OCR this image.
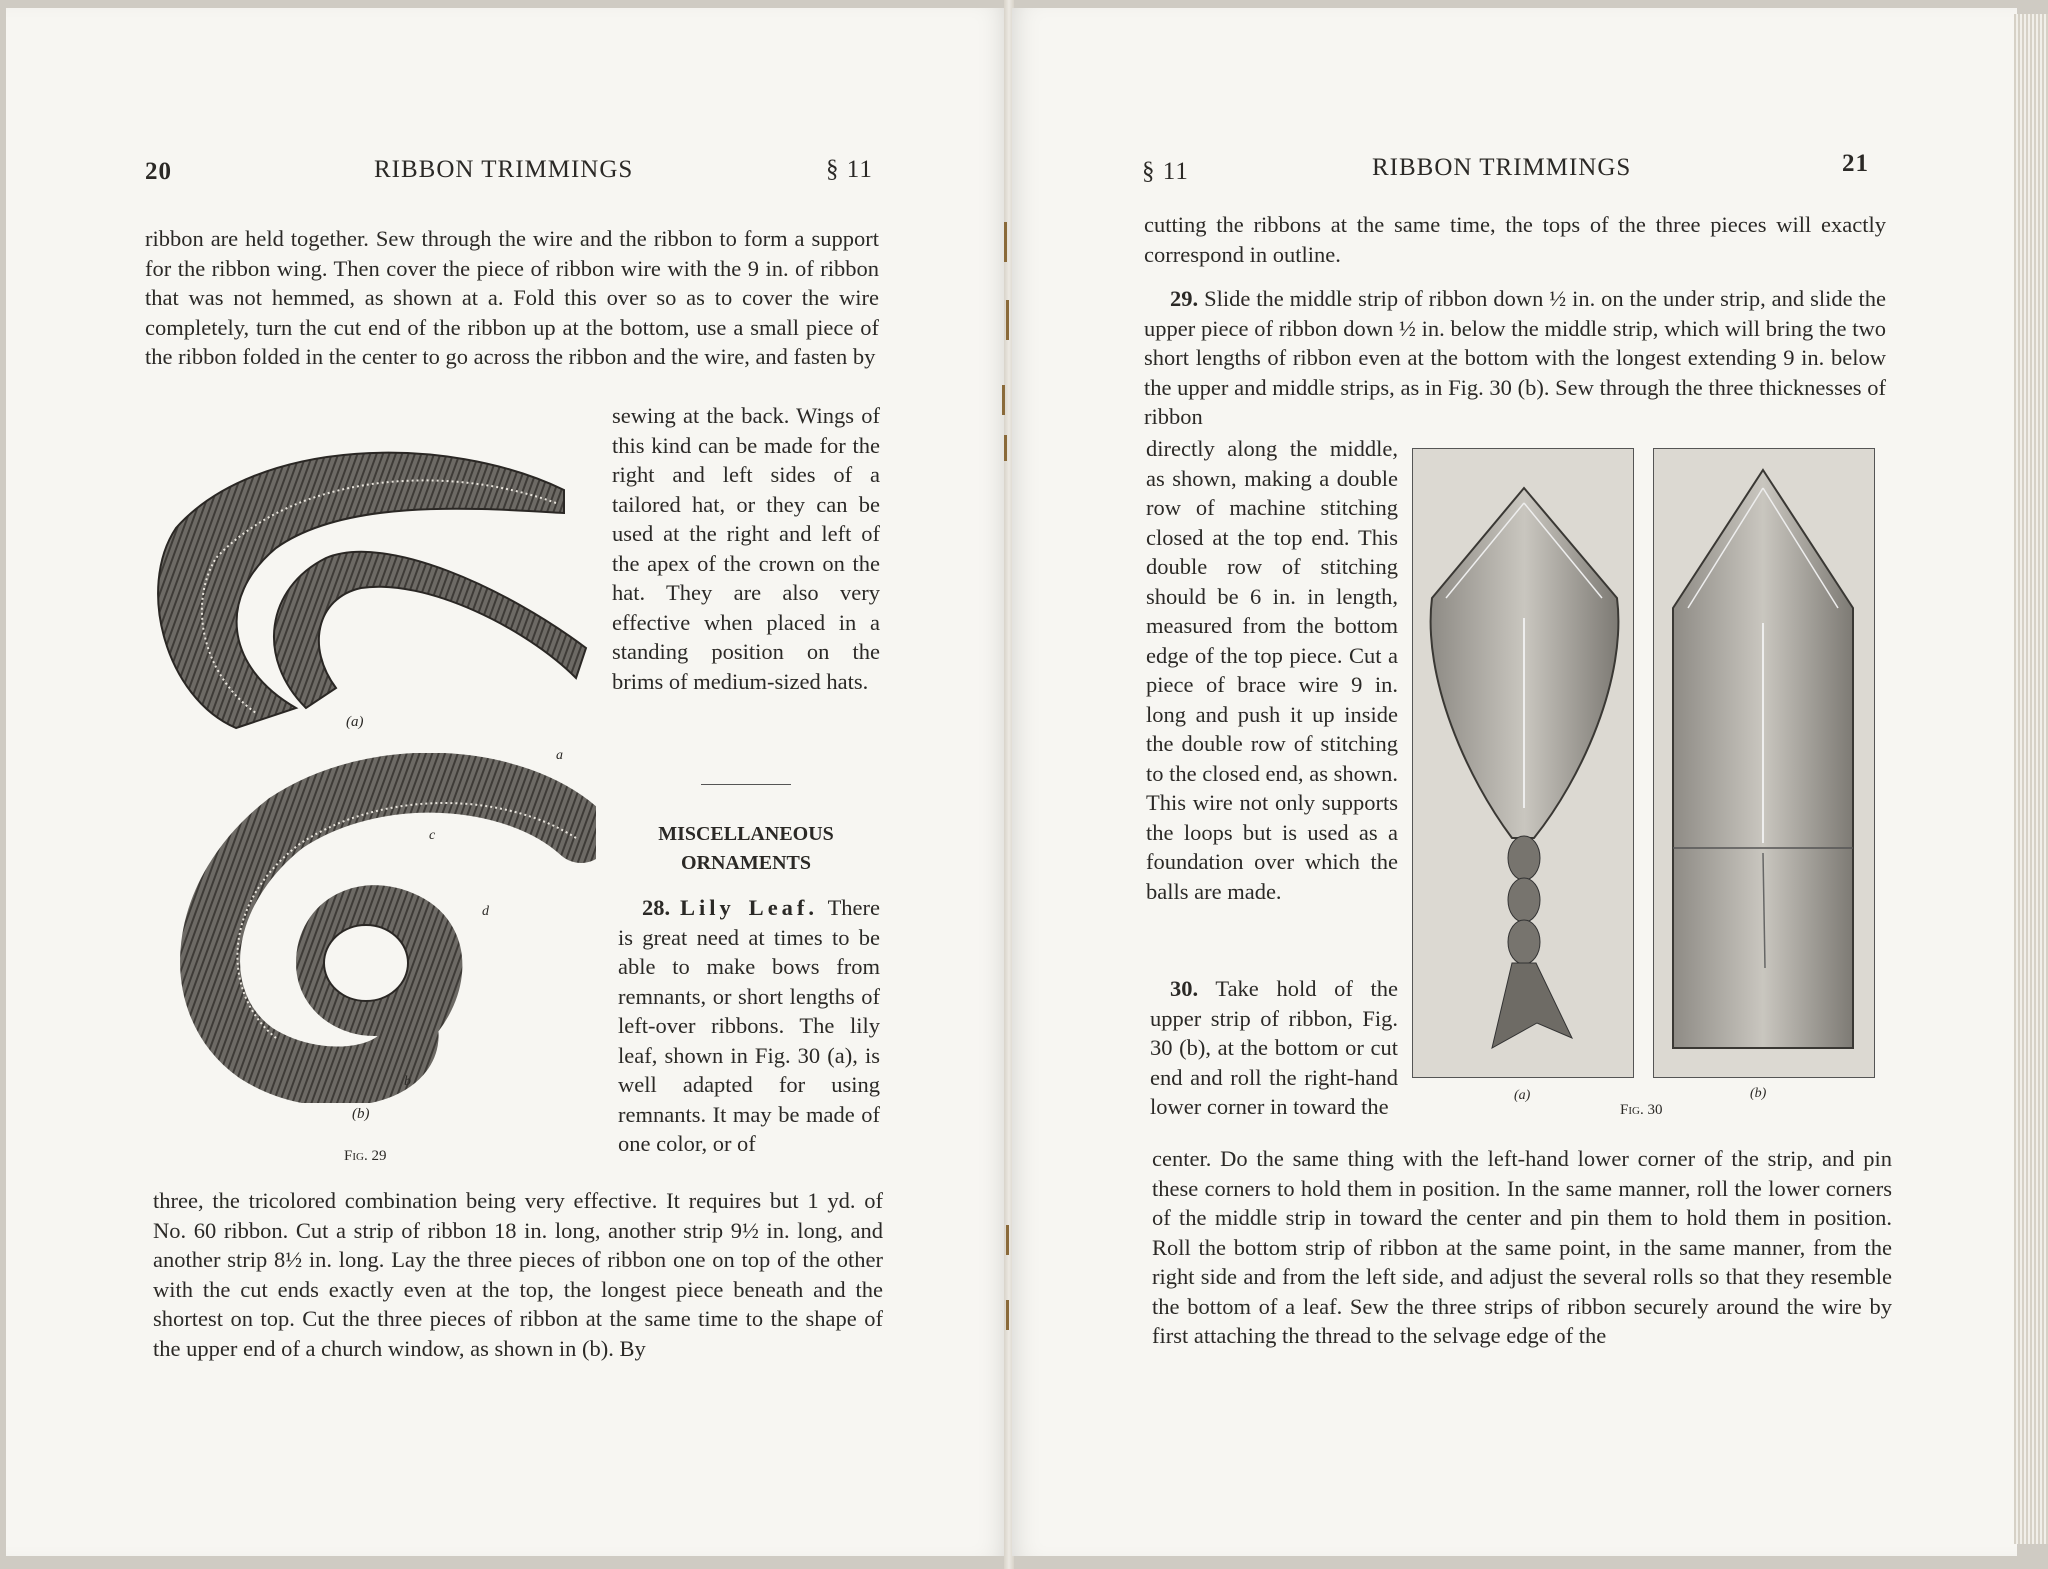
20	RIBBON TRIMMINGS	§ 11

ribbon are held together. Sew through the wire and the ribbon to form a support for the ribbon wing. Then cover the piece of ribbon wire with the 9 in. of ribbon that was not hemmed, as shown at a. Fold this over so as to cover the wire completely, turn the cut end of the ribbon up at the bottom, use a small piece of the ribbon folded in the center to go across the ribbon and the wire, and fasten by

sewing at the back. Wings of this kind can be made for the right and left sides of a tailored hat, or they can be used at the right and left of the apex of the crown on the hat. They are also very effective when placed in a standing position on the brims of medium-sized hats.

MISCELLANEOUS
ORNAMENTS

28. Lily Leaf. There is great need at times to be able to make bows from remnants, or short lengths of left-over ribbons. The lily leaf, shown in Fig. 30 (a), is well adapted for using remnants. It may be made of one color, or of

three, the tricolored combination being very effective. It requires but 1 yd. of No. 60 ribbon. Cut a strip of ribbon 18 in. long, another strip 9½ in. long, and another strip 8½ in. long. Lay the three pieces of ribbon one on top of the other with the cut ends exactly even at the top, the longest piece beneath and the shortest on top. Cut the three pieces of ribbon at the same time to the shape of the upper end of a church window, as shown in (b). By

(a)
a
c
d
b
(b)
Fig. 29
§ 11	RIBBON TRIMMINGS	21

cutting the ribbons at the same time, the tops of the three pieces will exactly correspond in outline.

29. Slide the middle strip of ribbon down ½ in. on the under strip, and slide the upper piece of ribbon down ½ in. below the middle strip, which will bring the two short lengths of ribbon even at the bottom with the longest extending 9 in. below the upper and middle strips, as in Fig. 30 (b). Sew through the three thicknesses of ribbon

directly along the middle, as shown, making a double row of machine stitching closed at the top end. This double row of stitching should be 6 in. in length, measured from the bottom edge of the top piece. Cut a piece of brace wire 9 in. long and push it up inside the double row of stitching to the closed end, as shown. This wire not only supports the loops but is used as a foundation over which the balls are made.

30. Take hold of the upper strip of ribbon, Fig. 30 (b), at the bottom or cut end and roll the right-hand lower corner in toward the

center. Do the same thing with the left-hand lower corner of the strip, and pin these corners to hold them in position. In the same manner, roll the lower corners of the middle strip in toward the center and pin them to hold them in position. Roll the bottom strip of ribbon at the same point, in the same manner, from the right side and from the left side, and adjust the several rolls so that they resemble the bottom of a leaf. Sew the three strips of ribbon securely around the wire by first attaching the thread to the selvage edge of the

(a)	(b)
Fig. 30
